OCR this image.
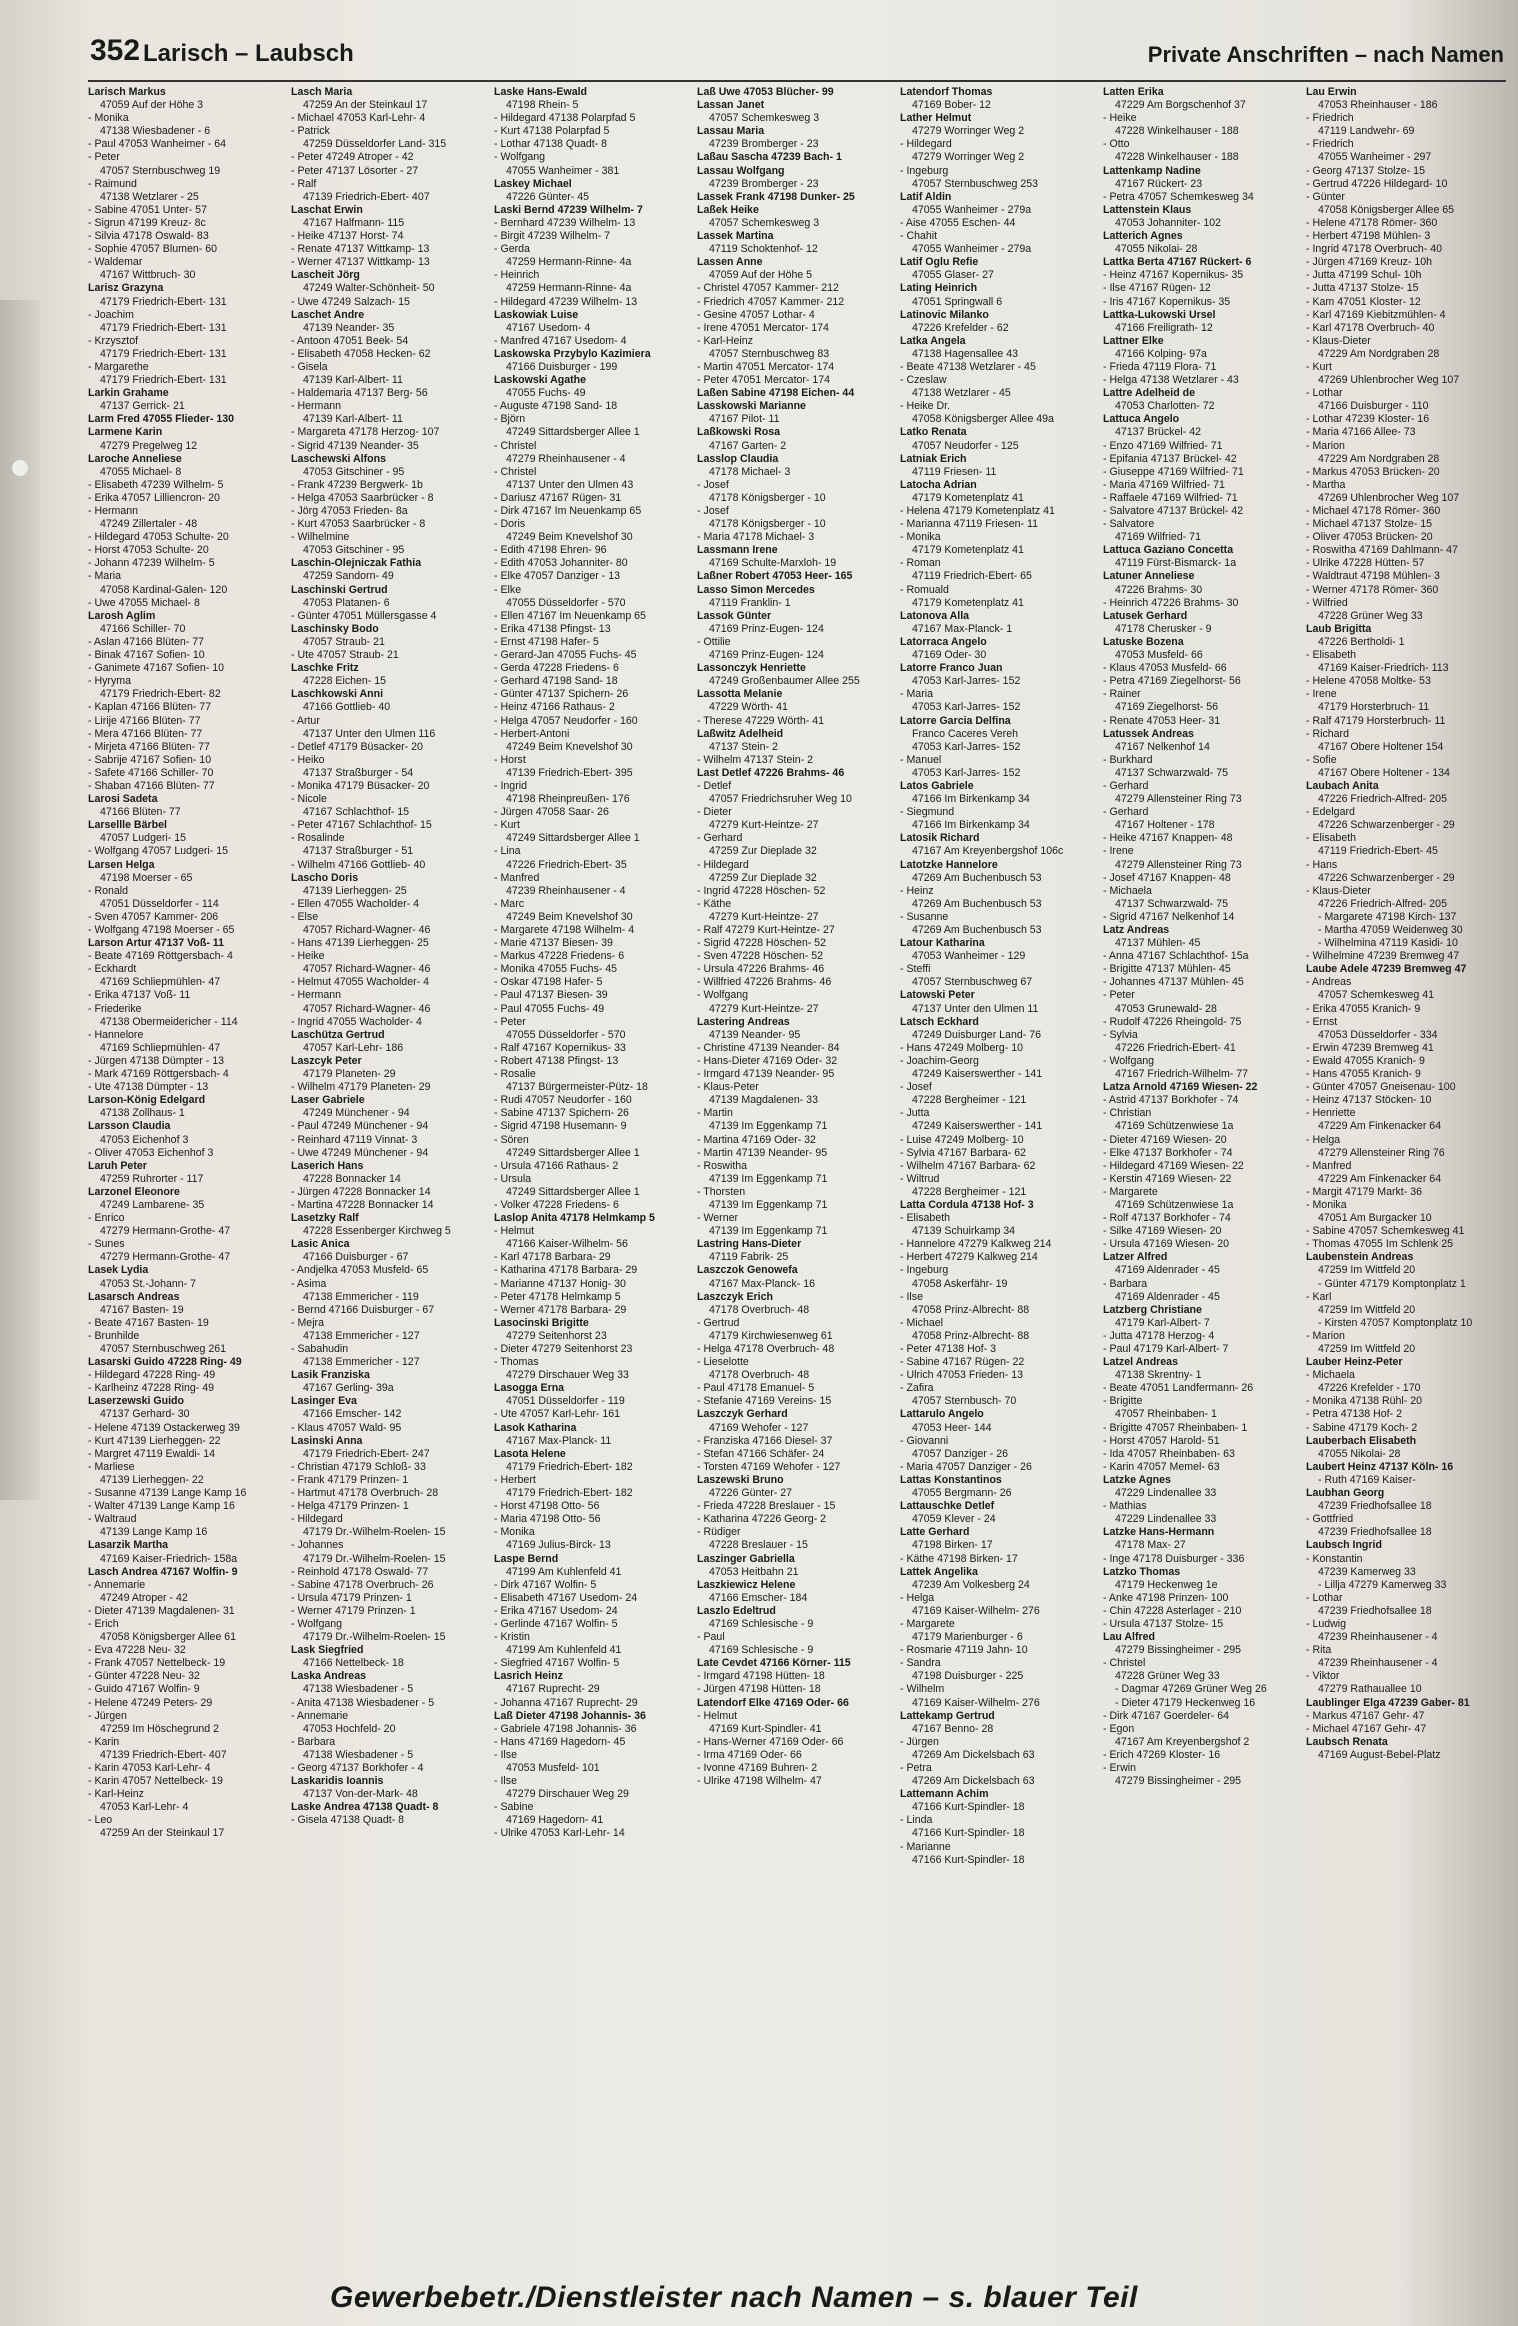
352 Larisch – Laubsch	Private Anschriften – nach Namen
Larisch Markus
47059 Auf der Höhe 3
- Monika
47138 Wiesbadener - 6
- Paul 47053 Wanheimer - 64
- Peter
47057 Sternbuschweg 19
- Raimund
47138 Wetzlarer - 25
- Sabine 47051 Unter- 57
- Sigrun 47199 Kreuz- 8c
- Silvia 47178 Oswald- 83
- Sophie 47057 Blumen- 60
- Waldemar
47167 Wittbruch- 30
Larisz Grazyna
47179 Friedrich-Ebert- 131
- Joachim
47179 Friedrich-Ebert- 131
- Krzysztof
47179 Friedrich-Ebert- 131
- Margarethe
47179 Friedrich-Ebert- 131
Larkin Grahame
47137 Gerrick- 21
Larm Fred 47055 Flieder- 130
Larmene Karin
47279 Pregelweg 12
Laroche Anneliese
47055 Michael- 8
- Elisabeth 47239 Wilhelm- 5
- Erika 47057 Lilliencron- 20
- Hermann
47249 Zillertaler - 48
- Hildegard 47053 Schulte- 20
- Horst 47053 Schulte- 20
- Johann 47239 Wilhelm- 5
- Maria
47058 Kardinal-Galen- 120
- Uwe 47055 Michael- 8
Larosh Aglim
47166 Schiller- 70
- Aslan 47166 Blüten- 77
- Binak 47167 Sofien- 10
- Ganimete 47167 Sofien- 10
- Hyryma
47179 Friedrich-Ebert- 82
- Kaplan 47166 Blüten- 77
- Lirije 47166 Blüten- 77
- Mera 47166 Blüten- 77
- Mirjeta 47166 Blüten- 77
- Sabrije 47167 Sofien- 10
- Safete 47166 Schiller- 70
- Shaban 47166 Blüten- 77
Larosi Sadeta
47166 Blüten- 77
Larsellle Bärbel
47057 Ludgeri- 15
- Wolfgang 47057 Ludgeri- 15
Larsen Helga
47198 Moerser - 65
- Ronald
47051 Düsseldorfer - 114
- Sven 47057 Kammer- 206
- Wolfgang 47198 Moerser - 65
Larson Artur 47137 Voß- 11
- Beate 47169 Röttgersbach- 4
- Eckhardt
47169 Schliepmühlen- 47
- Erika 47137 Voß- 11
- Friederike
47138 Obermeidericher - 114
- Hannelore
47169 Schliepmühlen- 47
- Jürgen 47138 Dümpter - 13
- Mark 47169 Röttgersbach- 4
- Ute 47138 Dümpter - 13
Larson-König Edelgard
47138 Zollhaus- 1
Larsson Claudia
47053 Eichenhof 3
- Oliver 47053 Eichenhof 3
Laruh Peter
47259 Ruhrorter - 117
Larzonel Eleonore
47249 Lambarene- 35
- Enrico
47279 Hermann-Grothe- 47
- Sunes
47279 Hermann-Grothe- 47
Lasek Lydia
47053 St.-Johann- 7
Lasarsch Andreas
47167 Basten- 19
- Beate 47167 Basten- 19
- Brunhilde
47057 Sternbuschweg 261
Lasarski Guido 47228 Ring- 49
- Hildegard 47228 Ring- 49
- Karlheinz 47228 Ring- 49
Laserzewski Guido
47137 Gerhard- 30
- Helene 47139 Ostackerweg 39
- Kurt 47139 Lierheggen- 22
- Margret 47119 Ewaldi- 14
- Marliese
47139 Lierheggen- 22
- Susanne 47139 Lange Kamp 16
- Walter 47139 Lange Kamp 16
- Waltraud
47139 Lange Kamp 16
Lasarzik Martha
47169 Kaiser-Friedrich- 158a
Lasch Andrea 47167 Wolfin- 9
- Annemarie
47249 Atroper - 42
- Dieter 47139 Magdalenen- 31
- Erich
47058 Königsberger Allee 61
- Eva 47228 Neu- 32
- Frank 47057 Nettelbeck- 19
- Günter 47228 Neu- 32
- Guido 47167 Wolfin- 9
- Helene 47249 Peters- 29
- Jürgen
47259 Im Höschegrund 2
- Karin
47139 Friedrich-Ebert- 407
- Karin 47053 Karl-Lehr- 4
- Karin 47057 Nettelbeck- 19
- Karl-Heinz
47053 Karl-Lehr- 4
- Leo
47259 An der Steinkaul 17
Lasch Maria
47259 An der Steinkaul 17
- Michael 47053 Karl-Lehr- 4
- Patrick
47259 Düsseldorfer Land- 315
- Peter 47249 Atroper - 42
- Peter 47137 Lösorter - 27
- Ralf
47139 Friedrich-Ebert- 407
Laschat Erwin
47167 Halfmann- 115
- Heike 47137 Horst- 74
- Renate 47137 Wittkamp- 13
- Werner 47137 Wittkamp- 13
Lascheit Jörg
47249 Walter-Schönheit- 50
- Uwe 47249 Salzach- 15
Laschet Andre
47139 Neander- 35
- Antoon 47051 Beek- 54
- Elisabeth 47058 Hecken- 62
- Gisela
47139 Karl-Albert- 11
- Haldemaria 47137 Berg- 56
- Hermann
47139 Karl-Albert- 11
- Margareta 47178 Herzog- 107
- Sigrid 47139 Neander- 35
Laschewski Alfons
47053 Gitschiner - 95
- Frank 47239 Bergwerk- 1b
- Helga 47053 Saarbrücker - 8
- Jörg 47053 Frieden- 8a
- Kurt 47053 Saarbrücker - 8
- Wilhelmine
47053 Gitschiner - 95
Laschin-Olejniczak Fathia
47259 Sandorn- 49
Laschinski Gertrud
47053 Platanen- 6
- Günter 47051 Müllersgasse 4
Laschinsky Bodo
47057 Straub- 21
- Ute 47057 Straub- 21
Laschke Fritz
47228 Eichen- 15
Laschkowski Anni
47166 Gottlieb- 40
- Artur
47137 Unter den Ulmen 116
- Detlef 47179 Büsacker- 20
- Heiko
47137 Straßburger - 54
- Monika 47179 Büsacker- 20
- Nicole
47167 Schlachthof- 15
- Peter 47167 Schlachthof- 15
- Rosalinde
47137 Straßburger - 51
- Wilhelm 47166 Gottlieb- 40
Lascho Doris
47139 Lierheggen- 25
- Ellen 47055 Wacholder- 4
- Else
47057 Richard-Wagner- 46
- Hans 47139 Lierheggen- 25
- Heike
47057 Richard-Wagner- 46
- Helmut 47055 Wacholder- 4
- Hermann
47057 Richard-Wagner- 46
- Ingrid 47055 Wacholder- 4
Laschütza Gertrud
47057 Karl-Lehr- 186
Laszcyk Peter
47179 Planeten- 29
- Wilhelm 47179 Planeten- 29
Laser Gabriele
47249 Münchener - 94
- Paul 47249 Münchener - 94
- Reinhard 47119 Vinnat- 3
- Uwe 47249 Münchener - 94
Laserich Hans
47228 Bonnacker 14
- Jürgen 47228 Bonnacker 14
- Martina 47228 Bonnacker 14
Lasetzky Ralf
47228 Essenberger Kirchweg 5
Lasic Anica
47166 Duisburger - 67
- Andjelka 47053 Musfeld- 65
- Asima
47138 Emmericher - 119
- Bernd 47166 Duisburger - 67
- Mejra
47138 Emmericher - 127
- Sabahudin
47138 Emmericher - 127
Lasik Franziska
47167 Gerling- 39a
Lasinger Eva
47166 Emscher- 142
- Klaus 47057 Wald- 95
Lasinski Anna
47179 Friedrich-Ebert- 247
- Christian 47179 Schloß- 33
- Frank 47179 Prinzen- 1
- Hartmut 47178 Overbruch- 28
- Helga 47179 Prinzen- 1
- Hildegard
47179 Dr.-Wilhelm-Roelen- 15
- Johannes
47179 Dr.-Wilhelm-Roelen- 15
- Reinhold 47178 Oswald- 77
- Sabine 47178 Overbruch- 26
- Ursula 47179 Prinzen- 1
- Werner 47179 Prinzen- 1
- Wolfgang
47179 Dr.-Wilhelm-Roelen- 15
Lask Siegfried
47166 Nettelbeck- 18
Laska Andreas
47138 Wiesbadener - 5
- Anita 47138 Wiesbadener - 5
- Annemarie
47053 Hochfeld- 20
- Barbara
47138 Wiesbadener - 5
- Georg 47137 Borkhofer - 4
Laskaridis Ioannis
47137 Von-der-Mark- 48
Laske Andrea 47138 Quadt- 8
- Gisela 47138 Quadt- 8
Laske Hans-Ewald
47198 Rhein- 5
- Hildegard 47138 Polarpfad 5
- Kurt 47138 Polarpfad 5
- Lothar 47138 Quadt- 8
- Wolfgang
47055 Wanheimer - 381
Laskey Michael
47226 Günter- 45
Laski Bernd 47239 Wilhelm- 7
- Bernhard 47239 Wilhelm- 13
- Birgit 47239 Wilhelm- 7
- Gerda
47259 Hermann-Rinne- 4a
- Heinrich
47259 Hermann-Rinne- 4a
- Hildegard 47239 Wilhelm- 13
Laskowiak Luise
47167 Usedom- 4
- Manfred 47167 Usedom- 4
Laskowska Przybylo Kazimiera
47166 Duisburger - 199
Laskowski Agathe
47055 Fuchs- 49
- Auguste 47198 Sand- 18
- Björn
47249 Sittardsberger Allee 1
- Christel
47279 Rheinhausener - 4
- Christel
47137 Unter den Ulmen 43
- Dariusz 47167 Rügen- 31
- Dirk 47167 Im Neuenkamp 65
- Doris
47249 Beim Knevelshof 30
- Edith 47198 Ehren- 96
- Edith 47053 Johanniter- 80
- Elke 47057 Danziger - 13
- Elke
47055 Düsseldorfer - 570
- Ellen 47167 Im Neuenkamp 65
- Erika 47138 Pfingst- 13
- Ernst 47198 Hafer- 5
- Gerard-Jan 47055 Fuchs- 45
- Gerda 47228 Friedens- 6
- Gerhard 47198 Sand- 18
- Günter 47137 Spichern- 26
- Heinz 47166 Rathaus- 2
- Helga 47057 Neudorfer - 160
- Herbert-Antoni
47249 Beim Knevelshof 30
- Horst
47139 Friedrich-Ebert- 395
- Ingrid
47198 Rheinpreußen- 176
- Jürgen 47058 Saar- 26
- Kurt
47249 Sittardsberger Allee 1
- Lina
47226 Friedrich-Ebert- 35
- Manfred
47239 Rheinhausener - 4
- Marc
47249 Beim Knevelshof 30
- Margarete 47198 Wilhelm- 4
- Marie 47137 Biesen- 39
- Markus 47228 Friedens- 6
- Monika 47055 Fuchs- 45
- Oskar 47198 Hafer- 5
- Paul 47137 Biesen- 39
- Paul 47055 Fuchs- 49
- Peter
47055 Düsseldorfer - 570
- Ralf 47167 Kopernikus- 33
- Robert 47138 Pfingst- 13
- Rosalie
47137 Bürgermeister-Pütz- 18
- Rudi 47057 Neudorfer - 160
- Sabine 47137 Spichern- 26
- Sigrid 47198 Husemann- 9
- Sören
47249 Sittardsberger Allee 1
- Ursula 47166 Rathaus- 2
- Ursula
47249 Sittardsberger Allee 1
- Volker 47228 Friedens- 6
Laslop Anita 47178 Helmkamp 5
- Helmut
47166 Kaiser-Wilhelm- 56
- Karl 47178 Barbara- 29
- Katharina 47178 Barbara- 29
- Marianne 47137 Honig- 30
- Peter 47178 Helmkamp 5
- Werner 47178 Barbara- 29
Lasocinski Brigitte
47279 Seitenhorst 23
- Dieter 47279 Seitenhorst 23
- Thomas
47279 Dirschauer Weg 33
Lasogga Erna
47051 Düsseldorfer - 119
- Ute 47057 Karl-Lehr- 161
Lasok Katharina
47167 Max-Planck- 11
Lasota Helene
47179 Friedrich-Ebert- 182
- Herbert
47179 Friedrich-Ebert- 182
- Horst 47198 Otto- 56
- Maria 47198 Otto- 56
- Monika
47169 Julius-Birck- 13
Laspe Bernd
47199 Am Kuhlenfeld 41
- Dirk 47167 Wolfin- 5
- Elisabeth 47167 Usedom- 24
- Erika 47167 Usedom- 24
- Gerlinde 47167 Wolfin- 5
- Kristin
47199 Am Kuhlenfeld 41
- Siegfried 47167 Wolfin- 5
Lasrich Heinz
47167 Ruprecht- 29
- Johanna 47167 Ruprecht- 29
Laß Dieter 47198 Johannis- 36
- Gabriele 47198 Johannis- 36
- Hans 47169 Hagedorn- 45
- Ilse
47053 Musfeld- 101
- Ilse
47279 Dirschauer Weg 29
- Sabine
47169 Hagedorn- 41
- Ulrike 47053 Karl-Lehr- 14
Laß Uwe 47053 Blücher- 99
Lassan Janet
47057 Schemkesweg 3
Lassau Maria
47239 Bromberger - 23
Laßau Sascha 47239 Bach- 1
Lassau Wolfgang
47239 Bromberger - 23
Lassek Frank 47198 Dunker- 25
Laßek Heike
47057 Schemkesweg 3
Lassek Martina
47119 Schoktenhof- 12
Lassen Anne
47059 Auf der Höhe 5
- Christel 47057 Kammer- 212
- Friedrich 47057 Kammer- 212
- Gesine 47057 Lothar- 4
- Irene 47051 Mercator- 174
- Karl-Heinz
47057 Sternbuschweg 83
- Martin 47051 Mercator- 174
- Peter 47051 Mercator- 174
Laßen Sabine 47198 Eichen- 44
Lasskowski Marianne
47167 Pilot- 11
Laßkowski Rosa
47167 Garten- 2
Lasslop Claudia
47178 Michael- 3
- Josef
47178 Königsberger - 10
- Josef
47178 Königsberger - 10
- Maria 47178 Michael- 3
Lassmann Irene
47169 Schulte-Marxloh- 19
Laßner Robert 47053 Heer- 165
Lasso Simon Mercedes
47119 Franklin- 1
Lassok Günter
47169 Prinz-Eugen- 124
- Ottilie
47169 Prinz-Eugen- 124
Lassonczyk Henriette
47249 Großenbaumer Allee 255
Lassotta Melanie
47229 Wörth- 41
- Therese 47229 Wörth- 41
Laßwitz Adelheid
47137 Stein- 2
- Wilhelm 47137 Stein- 2
Last Detlef 47226 Brahms- 46
- Detlef
47057 Friedrichsruher Weg 10
- Dieter
47279 Kurt-Heintze- 27
- Gerhard
47259 Zur Dieplade 32
- Hildegard
47259 Zur Dieplade 32
- Ingrid 47228 Höschen- 52
- Käthe
47279 Kurt-Heintze- 27
- Ralf 47279 Kurt-Heintze- 27
- Sigrid 47228 Höschen- 52
- Sven 47228 Höschen- 52
- Ursula 47226 Brahms- 46
- Willfried 47226 Brahms- 46
- Wolfgang
47279 Kurt-Heintze- 27
Lastering Andreas
47139 Neander- 95
- Christine 47139 Neander- 84
- Hans-Dieter 47169 Oder- 32
- Irmgard 47139 Neander- 95
- Klaus-Peter
47139 Magdalenen- 33
- Martin
47139 Im Eggenkamp 71
- Martina 47169 Oder- 32
- Martin 47139 Neander- 95
- Roswitha
47139 Im Eggenkamp 71
- Thorsten
47139 Im Eggenkamp 71
- Werner
47139 Im Eggenkamp 71
Lastring Hans-Dieter
47119 Fabrik- 25
Laszczok Genowefa
47167 Max-Planck- 16
Laszczyk Erich
47178 Overbruch- 48
- Gertrud
47179 Kirchwiesenweg 61
- Helga 47178 Overbruch- 48
- Lieselotte
47178 Overbruch- 48
- Paul 47178 Emanuel- 5
- Stefanie 47169 Vereins- 15
Laszczyk Gerhard
47169 Wehofer - 127
- Franziska 47166 Diesel- 37
- Stefan 47166 Schäfer- 24
- Torsten 47169 Wehofer - 127
Laszewski Bruno
47226 Günter- 27
- Frieda 47228 Breslauer - 15
- Katharina 47226 Georg- 2
- Rüdiger
47228 Breslauer - 15
Laszinger Gabriella
47053 Heitbahn 21
Laszkiewicz Helene
47166 Emscher- 184
Laszlo Edeltrud
47169 Schlesische - 9
- Paul
47169 Schlesische - 9
Late Cevdet 47166 Körner- 115
- Irmgard 47198 Hütten- 18
- Jürgen 47198 Hütten- 18
Latendorf Elke 47169 Oder- 66
- Helmut
47169 Kurt-Spindler- 41
- Hans-Werner 47169 Oder- 66
- Irma 47169 Oder- 66
- Ivonne 47169 Buhren- 2
- Ulrike 47198 Wilhelm- 47
Latendorf Thomas
47169 Bober- 12
Lather Helmut
47279 Worringer Weg 2
- Hildegard
47279 Worringer Weg 2
- Ingeburg
47057 Sternbuschweg 253
Latif Aldin
47055 Wanheimer - 279a
- Aise 47055 Eschen- 44
- Chahit
47055 Wanheimer - 279a
Latif Oglu Refie
47055 Glaser- 27
Lating Heinrich
47051 Springwall 6
Latinovic Milanko
47226 Krefelder - 62
Latka Angela
47138 Hagensallee 43
- Beate 47138 Wetzlarer - 45
- Czeslaw
47138 Wetzlarer - 45
- Heike Dr.
47058 Königsberger Allee 49a
Latko Renata
47057 Neudorfer - 125
Latniak Erich
47119 Friesen- 11
Latocha Adrian
47179 Kometenplatz 41
- Helena 47179 Kometenplatz 41
- Marianna 47119 Friesen- 11
- Monika
47179 Kometenplatz 41
- Roman
47119 Friedrich-Ebert- 65
- Romuald
47179 Kometenplatz 41
Latonova Alla
47167 Max-Planck- 1
Latorraca Angelo
47169 Oder- 30
Latorre Franco Juan
47053 Karl-Jarres- 152
- Maria
47053 Karl-Jarres- 152
Latorre Garcia Delfina
Franco Caceres Vereh
47053 Karl-Jarres- 152
- Manuel
47053 Karl-Jarres- 152
Latos Gabriele
47166 Im Birkenkamp 34
- Siegmund
47166 Im Birkenkamp 34
Latosik Richard
47167 Am Kreyenbergshof 106c
Latotzke Hannelore
47269 Am Buchenbusch 53
- Heinz
47269 Am Buchenbusch 53
- Susanne
47269 Am Buchenbusch 53
Latour Katharina
47053 Wanheimer - 129
- Steffi
47057 Sternbuschweg 67
Latowski Peter
47137 Unter den Ulmen 11
Latsch Eckhard
47249 Duisburger Land- 76
- Hans 47249 Molberg- 10
- Joachim-Georg
47249 Kaiserswerther - 141
- Josef
47228 Bergheimer - 121
- Jutta
47249 Kaiserswerther - 141
- Luise 47249 Molberg- 10
- Sylvia 47167 Barbara- 62
- Wilhelm 47167 Barbara- 62
- Wiltrud
47228 Bergheimer - 121
Latta Cordula 47138 Hof- 3
- Elisabeth
47139 Schuirkamp 34
- Hannelore 47279 Kalkweg 214
- Herbert 47279 Kalkweg 214
- Ingeburg
47058 Askerfähr- 19
- Ilse
47058 Prinz-Albrecht- 88
- Michael
47058 Prinz-Albrecht- 88
- Peter 47138 Hof- 3
- Sabine 47167 Rügen- 22
- Ulrich 47053 Frieden- 13
- Zafira
47057 Sternbusch- 70
Lattarulo Angelo
47053 Heer- 144
- Giovanni
47057 Danziger - 26
- Maria 47057 Danziger - 26
Lattas Konstantinos
47055 Bergmann- 26
Lattauschke Detlef
47059 Klever - 24
Latte Gerhard
47198 Birken- 17
- Käthe 47198 Birken- 17
Lattek Angelika
47239 Am Volkesberg 24
- Helga
47169 Kaiser-Wilhelm- 276
- Margarete
47179 Marienburger - 6
- Rosmarie 47119 Jahn- 10
- Sandra
47198 Duisburger - 225
- Wilhelm
47169 Kaiser-Wilhelm- 276
Lattekamp Gertrud
47167 Benno- 28
- Jürgen
47269 Am Dickelsbach 63
- Petra
47269 Am Dickelsbach 63
Lattemann Achim
47166 Kurt-Spindler- 18
- Linda
47166 Kurt-Spindler- 18
- Marianne
47166 Kurt-Spindler- 18
Latten Erika
47229 Am Borgschenhof 37
- Heike
47228 Winkelhauser - 188
- Otto
47228 Winkelhauser - 188
Lattenkamp Nadine
47167 Rückert- 23
- Petra 47057 Schemkesweg 34
Lattenstein Klaus
47053 Johanniter- 102
Latterich Agnes
47055 Nikolai- 28
Lattka Berta 47167 Rückert- 6
- Heinz 47167 Kopernikus- 35
- Ilse 47167 Rügen- 12
- Iris 47167 Kopernikus- 35
Lattka-Lukowski Ursel
47166 Freiligrath- 12
Lattner Elke
47166 Kolping- 97a
- Frieda 47119 Flora- 71
- Helga 47138 Wetzlarer - 43
Lattre Adelheid de
47053 Charlotten- 72
Lattuca Angelo
47137 Brückel- 42
- Enzo 47169 Wilfried- 71
- Epifania 47137 Brückel- 42
- Giuseppe 47169 Wilfried- 71
- Maria 47169 Wilfried- 71
- Raffaele 47169 Wilfried- 71
- Salvatore 47137 Brückel- 42
- Salvatore
47169 Wilfried- 71
Lattuca Gaziano Concetta
47119 Fürst-Bismarck- 1a
Latuner Anneliese
47226 Brahms- 30
- Heinrich 47226 Brahms- 30
Latusek Gerhard
47178 Cherusker - 9
Latuske Bozena
47053 Musfeld- 66
- Klaus 47053 Musfeld- 66
- Petra 47169 Ziegelhorst- 56
- Rainer
47169 Ziegelhorst- 56
- Renate 47053 Heer- 31
Latussek Andreas
47167 Nelkenhof 14
- Burkhard
47137 Schwarzwald- 75
- Gerhard
47279 Allensteiner Ring 73
- Gerhard
47167 Holtener - 178
- Heike 47167 Knappen- 48
- Irene
47279 Allensteiner Ring 73
- Josef 47167 Knappen- 48
- Michaela
47137 Schwarzwald- 75
- Sigrid 47167 Nelkenhof 14
Latz Andreas
47137 Mühlen- 45
- Anna 47167 Schlachthof- 15a
- Brigitte 47137 Mühlen- 45
- Johannes 47137 Mühlen- 45
- Peter
47053 Grunewald- 28
- Rudolf 47226 Rheingold- 75
- Sylvia
47226 Friedrich-Ebert- 41
- Wolfgang
47167 Friedrich-Wilhelm- 77
Latza Arnold 47169 Wiesen- 22
- Astrid 47137 Borkhofer - 74
- Christian
47169 Schützenwiese 1a
- Dieter 47169 Wiesen- 20
- Elke 47137 Borkhofer - 74
- Hildegard 47169 Wiesen- 22
- Kerstin 47169 Wiesen- 22
- Margarete
47169 Schützenwiese 1a
- Rolf 47137 Borkhofer - 74
- Silke 47169 Wiesen- 20
- Ursula 47169 Wiesen- 20
Latzer Alfred
47169 Aldenrader - 45
- Barbara
47169 Aldenrader - 45
Latzberg Christiane
47179 Karl-Albert- 7
- Jutta 47178 Herzog- 4
- Paul 47179 Karl-Albert- 7
Latzel Andreas
47138 Skrentny- 1
- Beate 47051 Landfermann- 26
- Brigitte
47057 Rheinbaben- 1
- Brigitte 47057 Rheinbaben- 1
- Horst 47057 Harold- 51
- Ida 47057 Rheinbaben- 63
- Karin 47057 Memel- 63
Latzke Agnes
47229 Lindenallee 33
- Mathias
47229 Lindenallee 33
Latzke Hans-Hermann
47178 Max- 27
- Inge 47178 Duisburger - 336
Latzko Thomas
47179 Heckenweg 1e
- Anke 47198 Prinzen- 100
- Chin 47228 Asterlager - 210
- Ursula 47137 Stolze- 15
Lau Alfred
47279 Bissingheimer - 295
- Christel
47228 Grüner Weg 33
- Dagmar 47269 Grüner Weg 26
- Dieter 47179 Heckenweg 16
- Dirk 47167 Goerdeler- 64
- Egon
47167 Am Kreyenbergshof 2
- Erich 47269 Kloster- 16
- Erwin
47279 Bissingheimer - 295
Lau Erwin
47053 Rheinhauser - 186
- Friedrich
47119 Landwehr- 69
- Friedrich
47055 Wanheimer - 297
- Georg 47137 Stolze- 15
- Gertrud 47226 Hildegard- 10
- Günter
47058 Königsberger Allee 65
- Helene 47178 Römer- 360
- Herbert 47198 Mühlen- 3
- Ingrid 47178 Overbruch- 40
- Jürgen 47169 Kreuz- 10h
- Jutta 47199 Schul- 10h
- Jutta 47137 Stolze- 15
- Kam 47051 Kloster- 12
- Karl 47169 Kiebitzmühlen- 4
- Karl 47178 Overbruch- 40
- Klaus-Dieter
47229 Am Nordgraben 28
- Kurt
47269 Uhlenbrocher Weg 107
- Lothar
47166 Duisburger - 110
- Lothar 47239 Kloster- 16
- Maria 47166 Allee- 73
- Marion
47229 Am Nordgraben 28
- Markus 47053 Brücken- 20
- Martha
47269 Uhlenbrocher Weg 107
- Michael 47178 Römer- 360
- Michael 47137 Stolze- 15
- Oliver 47053 Brücken- 20
- Roswitha 47169 Dahlmann- 47
- Ulrike 47228 Hütten- 57
- Waldtraut 47198 Mühlen- 3
- Werner 47178 Römer- 360
- Wilfried
47228 Grüner Weg 33
Laub Brigitta
47226 Bertholdi- 1
- Elisabeth
47169 Kaiser-Friedrich- 113
- Helene 47058 Moltke- 53
- Irene
47179 Horsterbruch- 11
- Ralf 47179 Horsterbruch- 11
- Richard
47167 Obere Holtener 154
- Sofie
47167 Obere Holtener - 134
Laubach Anita
47226 Friedrich-Alfred- 205
- Edelgard
47226 Schwarzenberger - 29
- Elisabeth
47119 Friedrich-Ebert- 45
- Hans
47226 Schwarzenberger - 29
- Klaus-Dieter
47226 Friedrich-Alfred- 205
- Margarete 47198 Kirch- 137
- Martha 47059 Weidenweg 30
- Wilhelmina 47119 Kasidi- 10
- Wilhelmine 47239 Bremweg 47
Laube Adele 47239 Bremweg 47
- Andreas
47057 Schemkesweg 41
- Erika 47055 Kranich- 9
- Ernst
47053 Düsseldorfer - 334
- Erwin 47239 Bremweg 41
- Ewald 47055 Kranich- 9
- Hans 47055 Kranich- 9
- Günter 47057 Gneisenau- 100
- Heinz 47137 Stöcken- 10
- Henriette
47229 Am Finkenacker 64
- Helga
47279 Allensteiner Ring 76
- Manfred
47229 Am Finkenacker 64
- Margit 47179 Markt- 36
- Monika
47051 Am Burgacker 10
- Sabine 47057 Schemkesweg 41
- Thomas 47055 Im Schlenk 25
Laubenstein Andreas
47259 Im Wittfeld 20
- Günter 47179 Komptonplatz 1
- Karl
47259 Im Wittfeld 20
- Kirsten 47057 Komptonplatz 10
- Marion
47259 Im Wittfeld 20
Lauber Heinz-Peter
- Michaela
47226 Krefelder - 170
- Monika 47138 Rühl- 20
- Petra 47138 Hof- 2
- Sabine 47179 Koch- 2
Lauberbach Elisabeth
47055 Nikolai- 28
Laubert Heinz 47137 Köln- 16
- Ruth 47169 Kaiser-
Laubhan Georg
47239 Friedhofsallee 18
- Gottfried
47239 Friedhofsallee 18
Laubsch Ingrid
- Konstantin
47239 Kamerweg 33
- Lillja 47279 Kamerweg 33
- Lothar
47239 Friedhofsallee 18
- Ludwig
47239 Rheinhausener - 4
- Rita
47239 Rheinhausener - 4
- Viktor
47279 Rathauallee 10
Laublinger Elga 47239 Gaber- 81
- Markus 47167 Gehr- 47
- Michael 47167 Gehr- 47
Laubsch Renata
47169 August-Bebel-Platz
Gewerbebetr./Dienstleister nach Namen – s. blauer Teil
